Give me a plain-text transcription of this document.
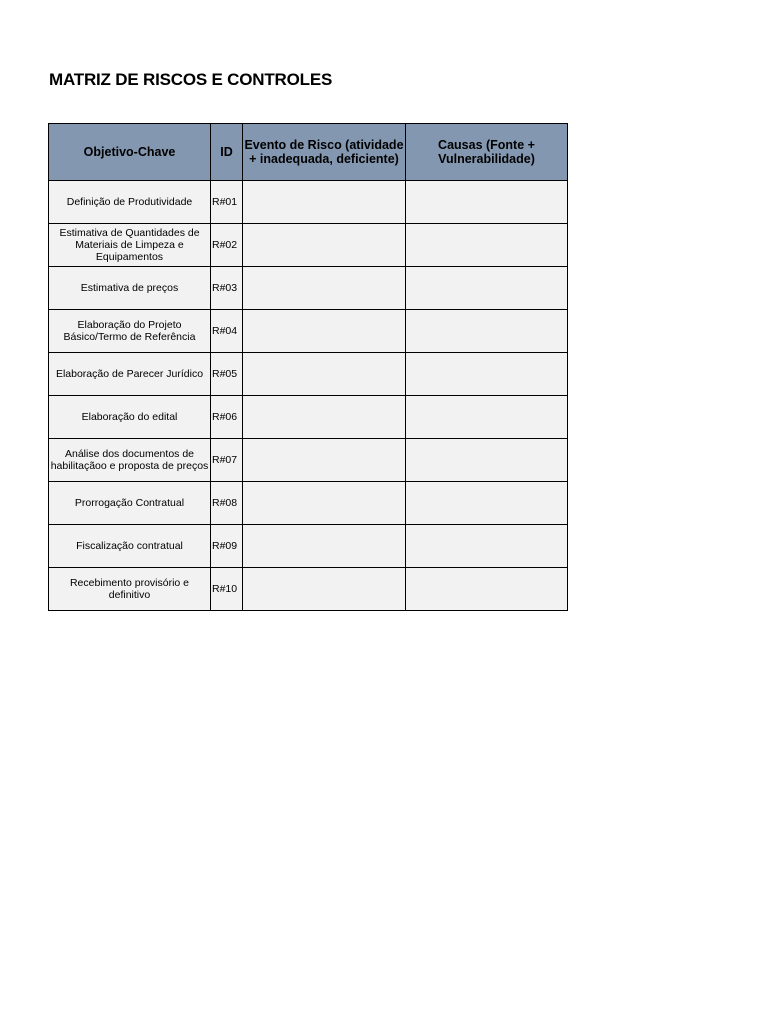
MATRIZ DE RISCOS E CONTROLES
Objetivo-Chave	ID	Evento de Risco (atividade + inadequada, deficiente)	Causas (Fonte + Vulnerabilidade)
Definição de Produtividade	R#01		
Estimativa de Quantidades de Materiais de Limpeza e Equipamentos	R#02		
Estimativa de preços	R#03		
Elaboração do Projeto Básico/Termo de Referência	R#04		
Elaboração de Parecer Jurídico	R#05		
Elaboração do edital	R#06		
Análise dos documentos de habilitaçãoo e proposta de preços	R#07		
Prorrogação Contratual	R#08		
Fiscalização contratual	R#09		
Recebimento provisório e definitivo	R#10		
